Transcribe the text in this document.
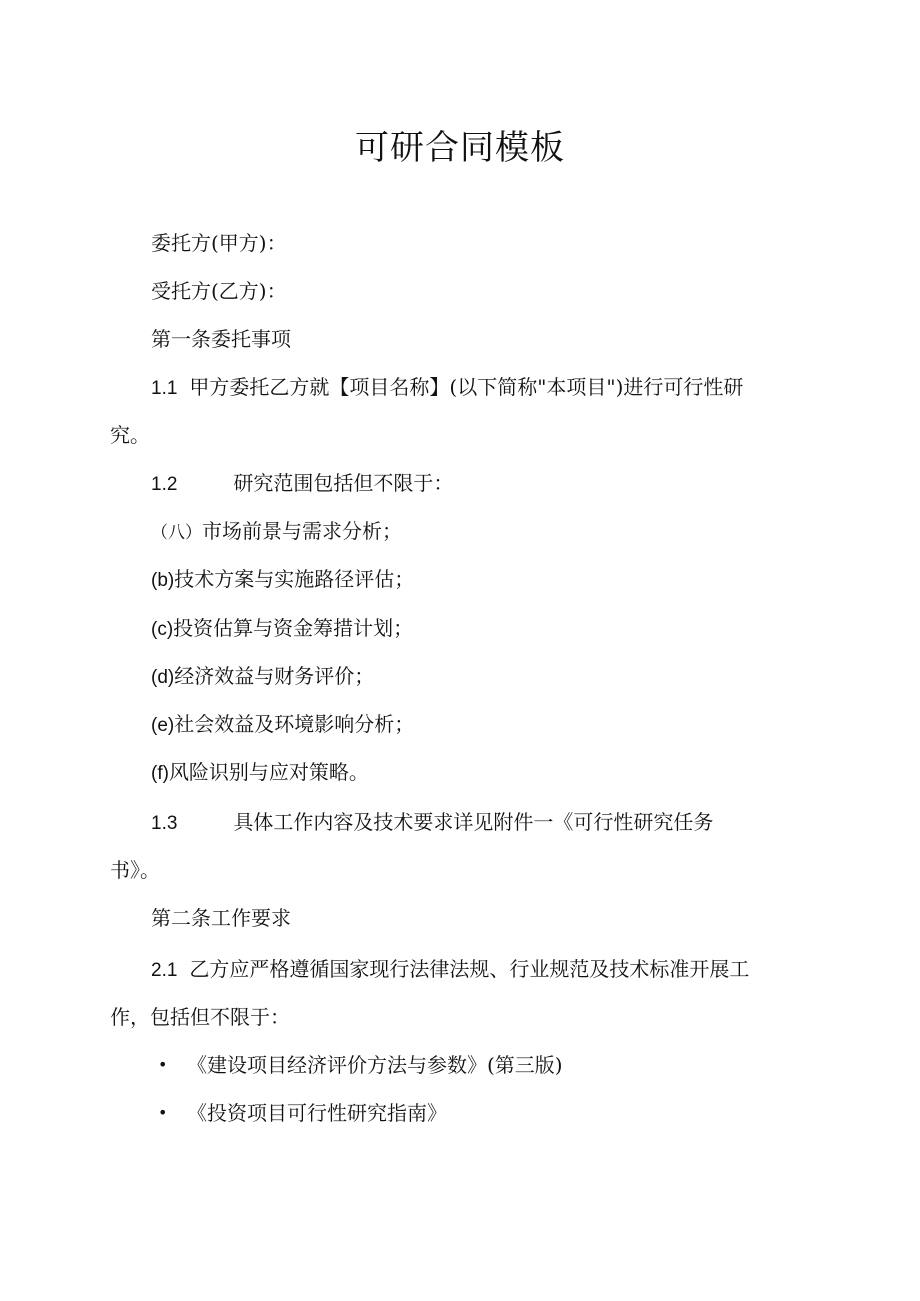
可研合同模板
委托方(甲方)：
受托方(乙方)：
第一条委托事项
1.1 甲方委托乙方就【项目名称】(以下简称"本项目")进行可行性研
究。
1.2	研究范围包括但不限于：
（八）市场前景与需求分析；
(b)技术方案与实施路径评估；
(c)投资估算与资金筹措计划；
(d)经济效益与财务评价；
(e)社会效益及环境影响分析；
(f)风险识别与应对策略。
1.3	具体工作内容及技术要求详见附件一《可行性研究任务
书》。
第二条工作要求
2.1 乙方应严格遵循国家现行法律法规、行业规范及技术标准开展工
作，包括但不限于：
• 《建设项目经济评价方法与参数》(第三版)
• 《投资项目可行性研究指南》
